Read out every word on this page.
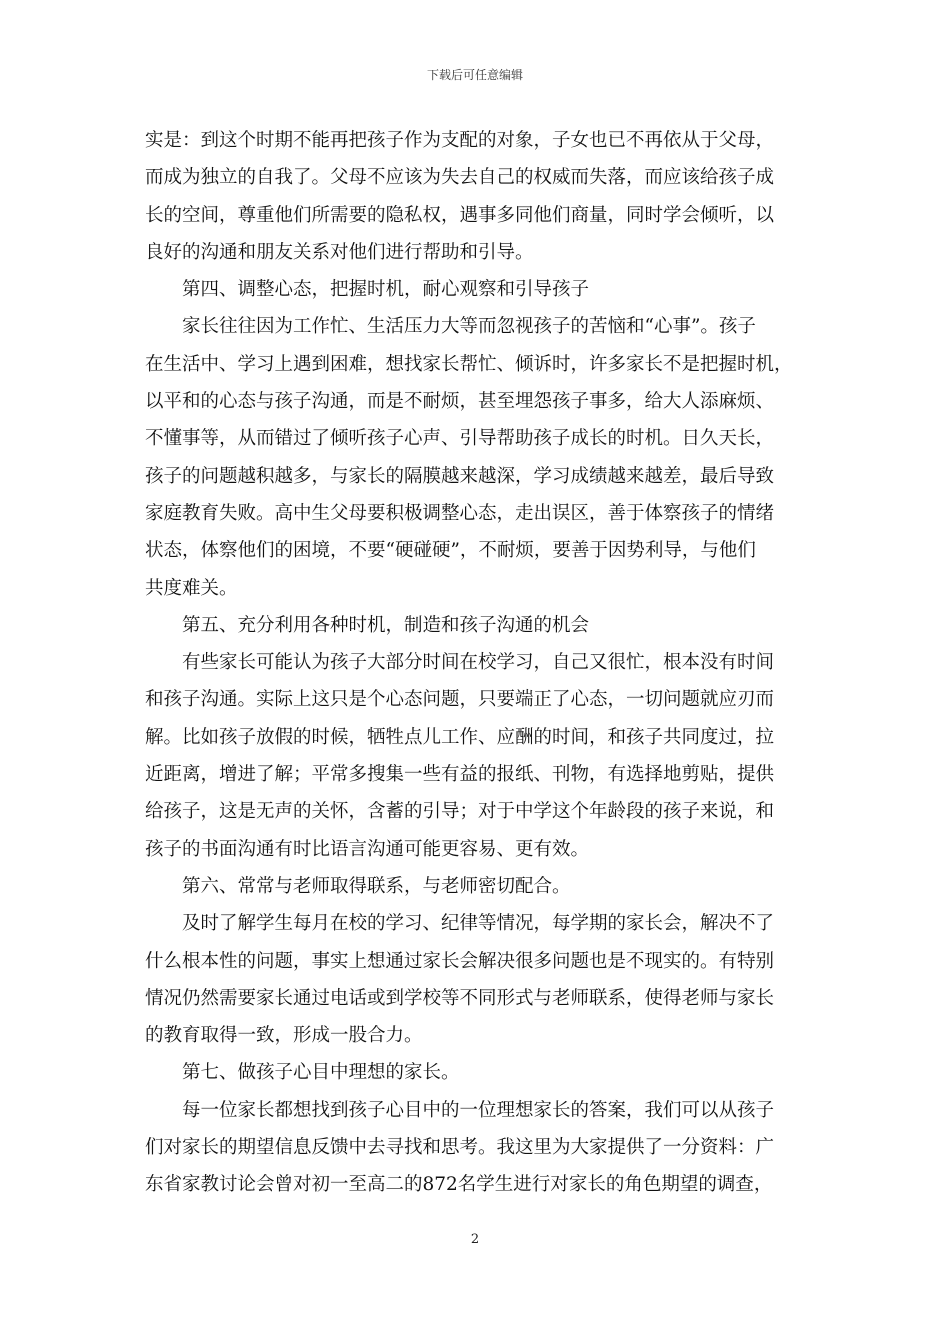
下载后可任意编辑
实是：到这个时期不能再把孩子作为支配的对象，子女也已不再依从于父母，
而成为独立的自我了。父母不应该为失去自己的权威而失落，而应该给孩子成
长的空间，尊重他们所需要的隐私权，遇事多同他们商量，同时学会倾听，以
良好的沟通和朋友关系对他们进行帮助和引导。
第四、调整心态，把握时机，耐心观察和引导孩子
家长往往因为工作忙、生活压力大等而忽视孩子的苦恼和“心事”。孩子
在生活中、学习上遇到困难，想找家长帮忙、倾诉时，许多家长不是把握时机，
以平和的心态与孩子沟通，而是不耐烦，甚至埋怨孩子事多，给大人添麻烦、
不懂事等，从而错过了倾听孩子心声、引导帮助孩子成长的时机。日久天长，
孩子的问题越积越多，与家长的隔膜越来越深，学习成绩越来越差，最后导致
家庭教育失败。高中生父母要积极调整心态，走出误区，善于体察孩子的情绪
状态，体察他们的困境，不要“硬碰硬”，不耐烦，要善于因势利导，与他们
共度难关。
第五、充分利用各种时机，制造和孩子沟通的机会
有些家长可能认为孩子大部分时间在校学习，自己又很忙，根本没有时间
和孩子沟通。实际上这只是个心态问题，只要端正了心态，一切问题就应刃而
解。比如孩子放假的时候，牺牲点儿工作、应酬的时间，和孩子共同度过，拉
近距离，增进了解；平常多搜集一些有益的报纸、刊物，有选择地剪贴，提供
给孩子，这是无声的关怀，含蓄的引导；对于中学这个年龄段的孩子来说，和
孩子的书面沟通有时比语言沟通可能更容易、更有效。
第六、常常与老师取得联系，与老师密切配合。
及时了解学生每月在校的学习、纪律等情况，每学期的家长会，解决不了
什么根本性的问题，事实上想通过家长会解决很多问题也是不现实的。有特别
情况仍然需要家长通过电话或到学校等不同形式与老师联系，使得老师与家长
的教育取得一致，形成一股合力。
第七、做孩子心目中理想的家长。
每一位家长都想找到孩子心目中的一位理想家长的答案，我们可以从孩子
们对家长的期望信息反馈中去寻找和思考。我这里为大家提供了一分资料：广
东省家教讨论会曾对初一至高二的872名学生进行对家长的角色期望的调查，
2
